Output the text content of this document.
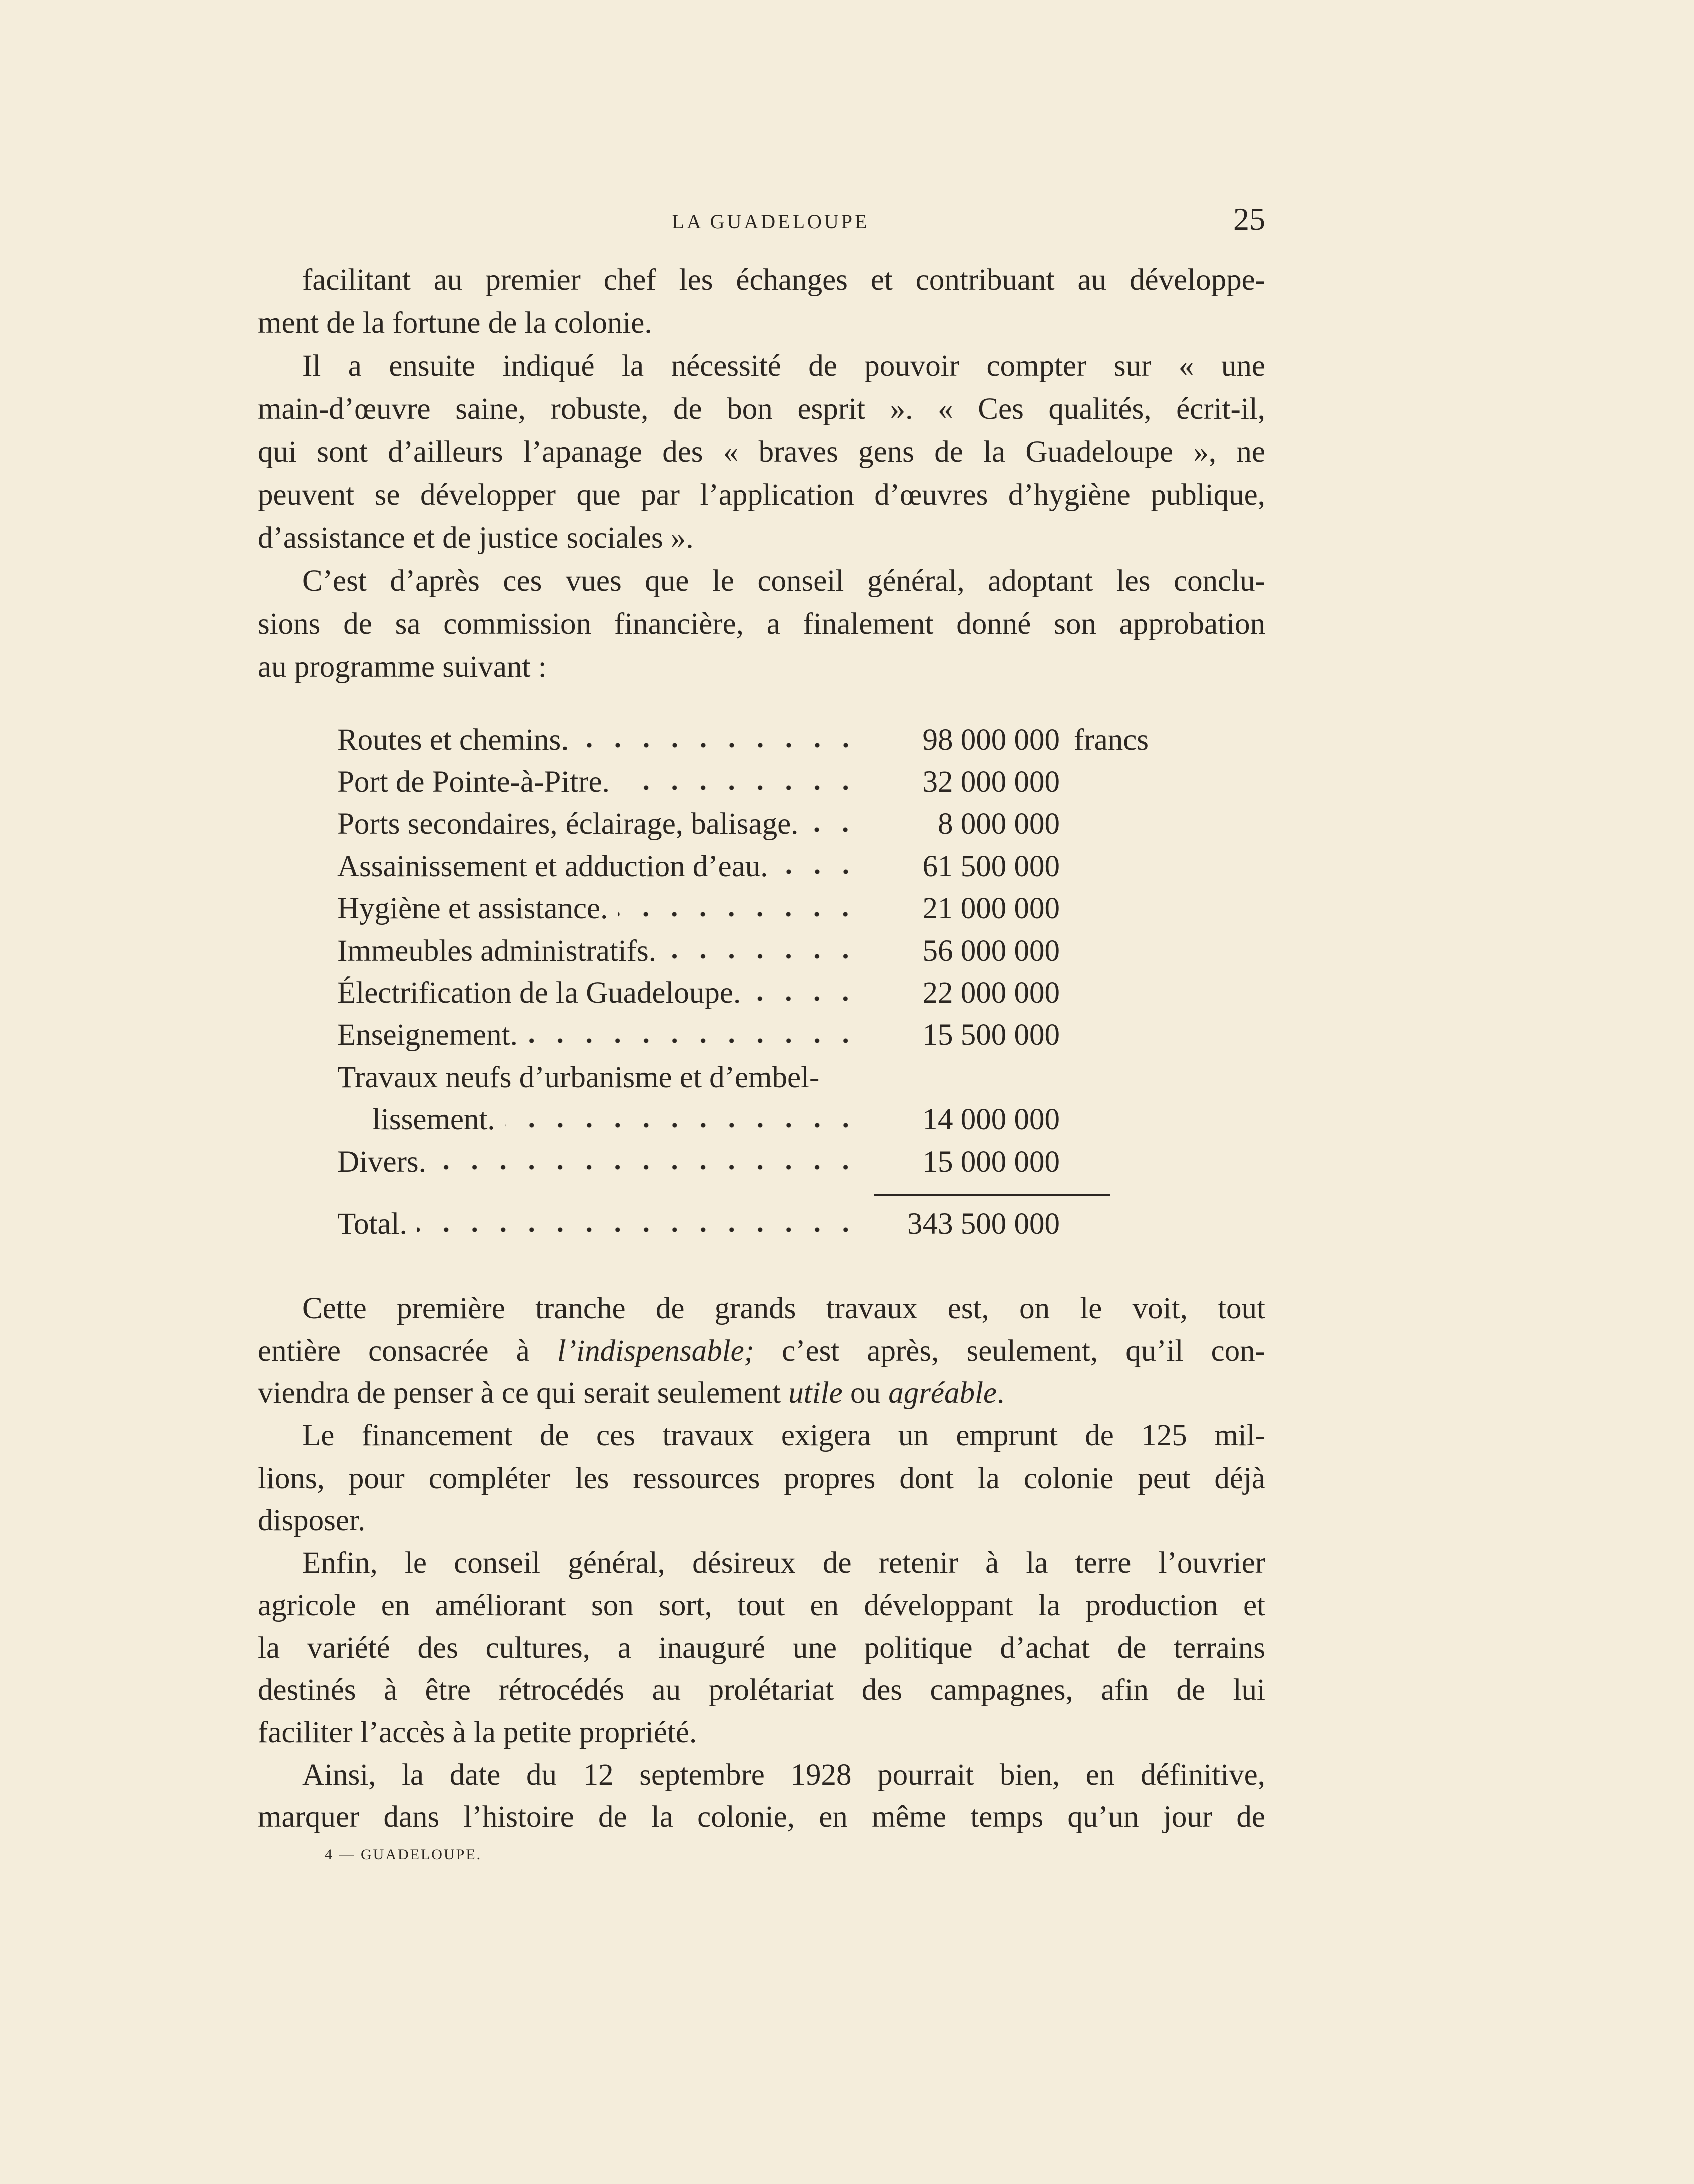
LA GUADELOUPE	25
facilitant au premier chef les échanges et contribuant au développe-
ment de la fortune de la colonie.
Il a ensuite indiqué la nécessité de pouvoir compter sur « une
main-d’œuvre saine, robuste, de bon esprit ». « Ces qualités, écrit-il,
qui sont d’ailleurs l’apanage des « braves gens de la Guadeloupe », ne
peuvent se développer que par l’application d’œuvres d’hygiène publique,
d’assistance et de justice sociales ».
C’est d’après ces vues que le conseil général, adoptant les conclu-
sions de sa commission financière, a finalement donné son approbation
au programme suivant :
Routes et chemins.	98 000 000 francs
Port de Pointe-à-Pitre.	32 000 000
Ports secondaires, éclairage, balisage.	8 000 000
Assainissement et adduction d’eau.	61 500 000
Hygiène et assistance.	21 000 000
Immeubles administratifs.	56 000 000
Électrification de la Guadeloupe.	22 000 000
Enseignement.	15 500 000
Travaux neufs d’urbanisme et d’embel-
lissement.	14 000 000
Divers.	15 000 000
Total.	343 500 000
Cette première tranche de grands travaux est, on le voit, tout
entière consacrée à l’indispensable; c’est après, seulement, qu’il con-
viendra de penser à ce qui serait seulement utile ou agréable.
Le financement de ces travaux exigera un emprunt de 125 mil-
lions, pour compléter les ressources propres dont la colonie peut déjà
disposer.
Enfin, le conseil général, désireux de retenir à la terre l’ouvrier
agricole en améliorant son sort, tout en développant la production et
la variété des cultures, a inauguré une politique d’achat de terrains
destinés à être rétrocédés au prolétariat des campagnes, afin de lui
faciliter l’accès à la petite propriété.
Ainsi, la date du 12 septembre 1928 pourrait bien, en définitive,
marquer dans l’histoire de la colonie, en même temps qu’un jour de
4 — GUADELOUPE.
